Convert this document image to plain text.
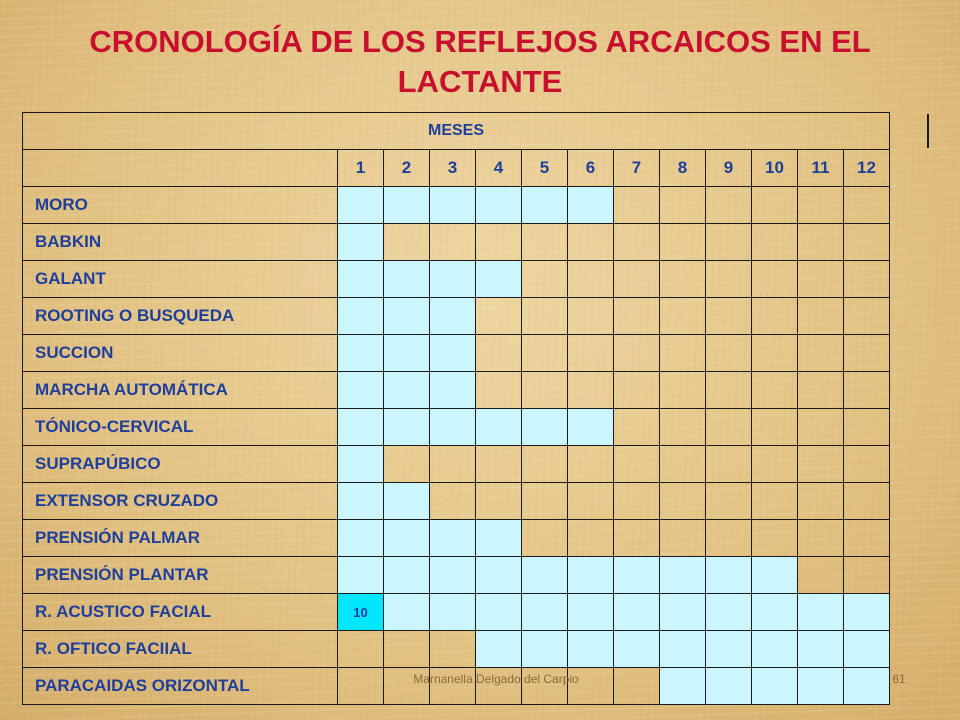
CRONOLOGÍA DE LOS REFLEJOS ARCAICOS EN EL
LACTANTE
MESES												
	1	2	3	4	5	6	7	8	9	10	11	12
MORO												
BABKIN												
GALANT												
ROOTING O BUSQUEDA												
SUCCION												
MARCHA AUTOMÁTICA												
TÓNICO-CERVICAL												
SUPRAPÚBICO												
EXTENSOR CRUZADO												
PRENSIÓN PALMAR												
PRENSIÓN PLANTAR												
R. ACUSTICO FACIAL	10											
R. OFTICO FACIIAL												
PARACAIDAS ORIZONTAL													Marnanella Delgado del Carpio	61
